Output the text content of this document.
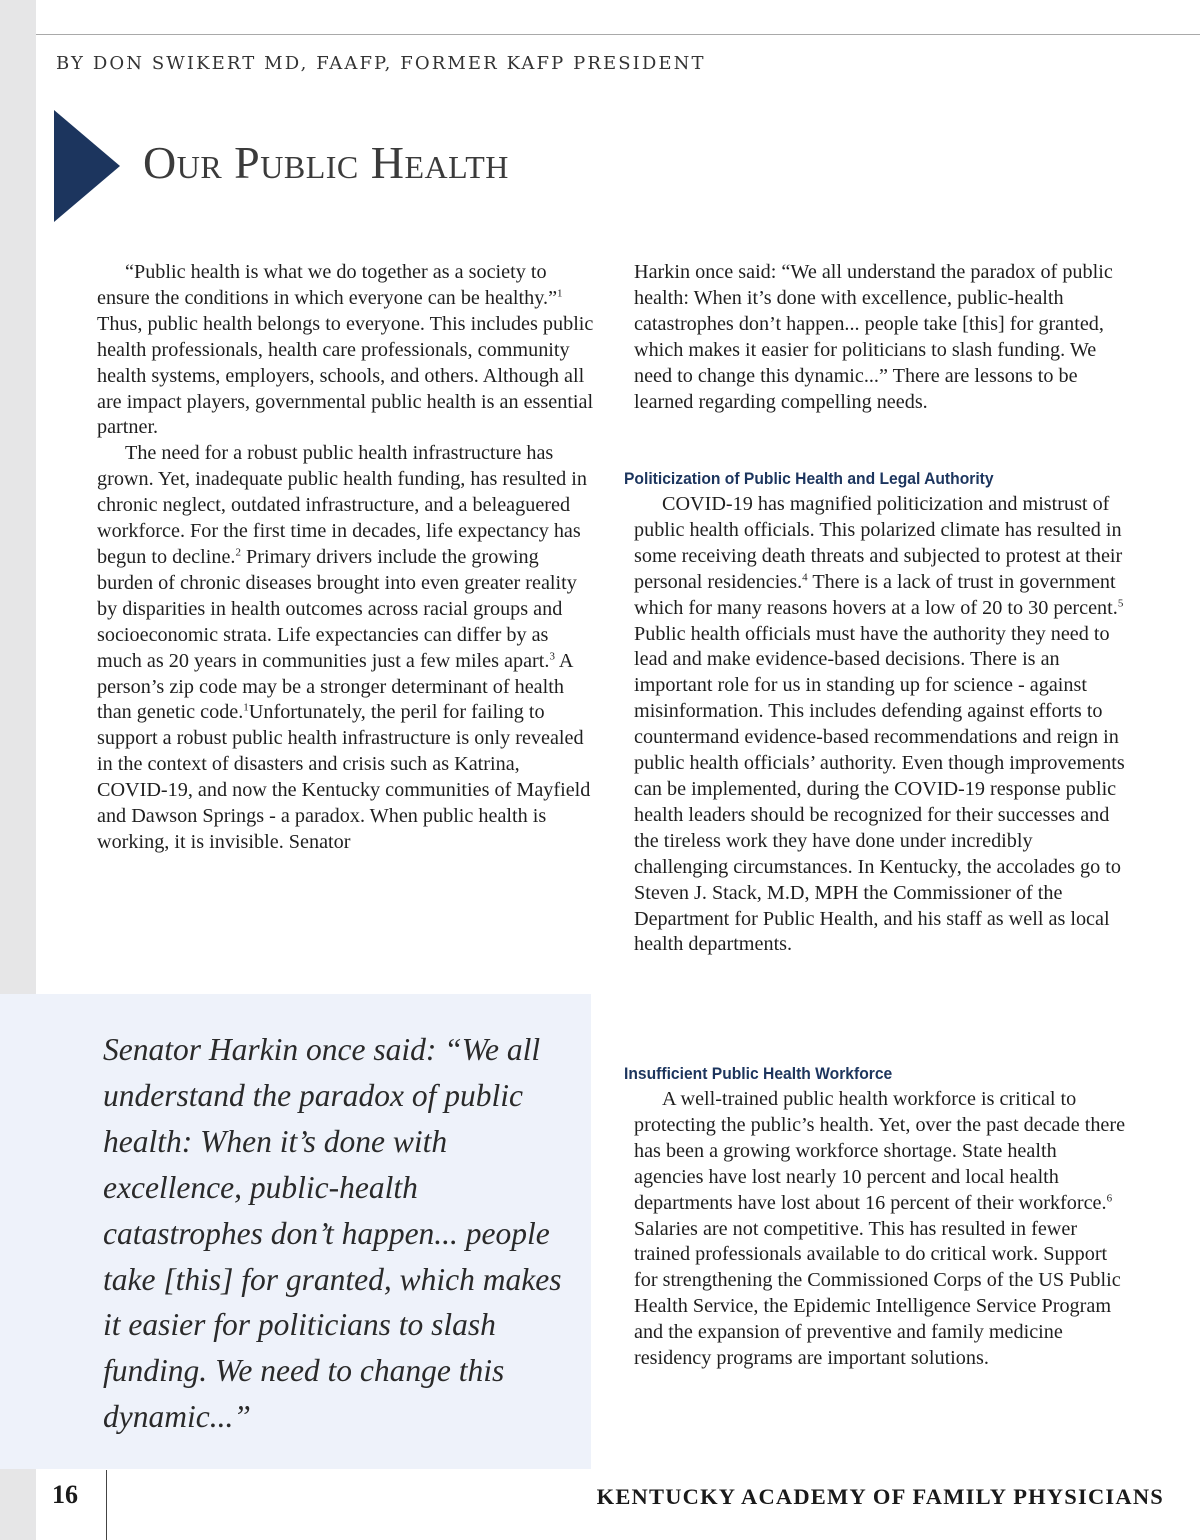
BY DON SWIKERT MD, FAAFP, FORMER KAFP PRESIDENT
Our Public Health

“Public health is what we do together as a society to ensure the conditions in which everyone can be healthy.”$^1$ Thus, public health belongs to everyone. This includes public health professionals, health care professionals, community health systems, employers, schools, and others. Although all are impact players, governmental public health is an essential partner.

The need for a robust public health infrastructure has grown. Yet, inadequate public health funding, has resulted in chronic neglect, outdated infrastructure, and a beleaguered workforce. For the first time in decades, life expectancy has begun to decline.$^2$ Primary drivers include the growing burden of chronic diseases brought into even greater reality by disparities in health outcomes across racial groups and socioeconomic strata. Life expectancies can differ by as much as 20 years in communities just a few miles apart.$^3$ A person’s zip code may be a stronger determinant of health than genetic code.$^1$Unfortunately, the peril for failing to support a robust public health infrastructure is only revealed in the context of disasters and crisis such as Katrina, COVID-19, and now the Kentucky communities of Mayfield and Dawson Springs - a paradox. When public health is working, it is invisible. Senator

Harkin once said: “We all understand the paradox of public health: When it’s done with excellence, public-health catastrophes don’t happen... people take [this] for granted, which makes it easier for politicians to slash funding. We need to change this dynamic...” There are lessons to be learned regarding compelling needs.

Politicization of Public Health and Legal Authority

COVID-19 has magnified politicization and mistrust of public health officials. This polarized climate has resulted in some receiving death threats and subjected to protest at their personal residencies.$^4$ There is a lack of trust in government which for many reasons hovers at a low of 20 to 30 percent.$^5$ Public health officials must have the authority they need to lead and make evidence-based decisions. There is an important role for us in standing up for science - against misinformation. This includes defending against efforts to countermand evidence-based recommendations and reign in public health officials’ authority. Even though improvements can be implemented, during the COVID-19 response public health leaders should be recognized for their successes and the tireless work they have done under incredibly challenging circumstances. In Kentucky, the accolades go to Steven J. Stack, M.D, MPH the Commissioner of the Department for Public Health, and his staff as well as local health departments.

Insufficient Public Health Workforce

A well-trained public health workforce is critical to protecting the public’s health. Yet, over the past decade there has been a growing workforce shortage. State health agencies have lost nearly 10 percent and local health departments have lost about 16 percent of their workforce.$^6$ Salaries are not competitive. This has resulted in fewer trained professionals available to do critical work. Support for strengthening the Commissioned Corps of the US Public Health Service, the Epidemic Intelligence Service Program and the expansion of preventive and family medicine residency programs are important solutions.

Senator Harkin once said: “We all understand the paradox of public health: When it’s done with excellence, public-health catastrophes don’t happen... people take [this] for granted, which makes it easier for politicians to slash funding. We need to change this dynamic...”
16	KENTUCKY ACADEMY OF FAMILY PHYSICIANS
